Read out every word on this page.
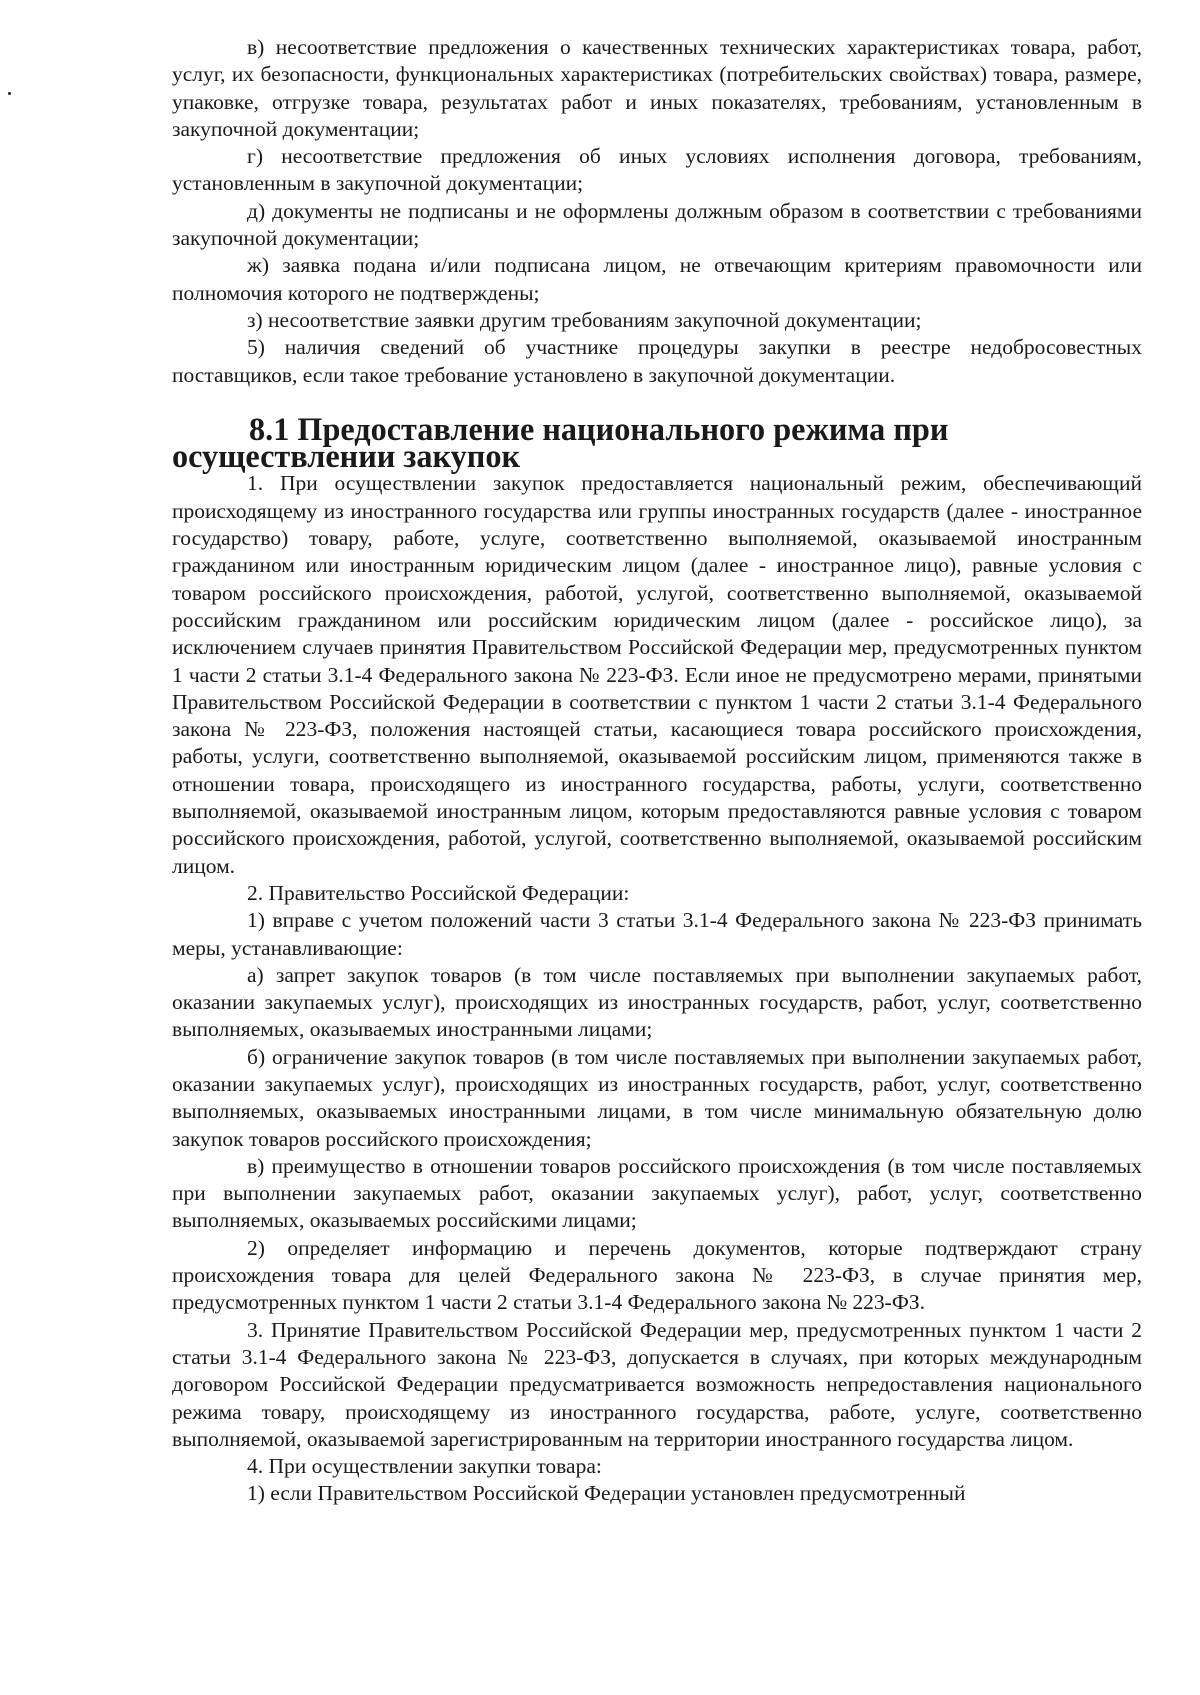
в) несоответствие предложения о качественных технических характеристиках товара, работ, услуг, их безопасности, функциональных характеристиках (потребительских свойствах) товара, размере, упаковке, отгрузке товара, результатах работ и иных показателях, требованиям, установленным в закупочной документации;

г) несоответствие предложения об иных условиях исполнения договора, требованиям, установленным в закупочной документации;

д) документы не подписаны и не оформлены должным образом в соответствии с требованиями закупочной документации;

ж) заявка подана и/или подписана лицом, не отвечающим критериям правомочности или полномочия которого не подтверждены;

з) несоответствие заявки другим требованиям закупочной документации;

5) наличия сведений об участнике процедуры закупки в реестре недобросовестных поставщиков, если такое требование установлено в закупочной документации.

8.1 Предоставление национального режима при осуществлении закупок

1. При осуществлении закупок предоставляется национальный режим, обеспечивающий происходящему из иностранного государства или группы иностранных государств (далее - иностранное государство) товару, работе, услуге, соответственно выполняемой, оказываемой иностранным гражданином или иностранным юридическим лицом (далее - иностранное лицо), равные условия с товаром российского происхождения, работой, услугой, соответственно выполняемой, оказываемой российским гражданином или российским юридическим лицом (далее - российское лицо), за исключением случаев принятия Правительством Российской Федерации мер, предусмотренных пунктом 1 части 2 статьи 3.1-4 Федерального закона № 223-ФЗ. Если иное не предусмотрено мерами, принятыми Правительством Российской Федерации в соответствии с пунктом 1 части 2 статьи 3.1-4 Федерального закона № 223-ФЗ, положения настоящей статьи, касающиеся товара российского происхождения, работы, услуги, соответственно выполняемой, оказываемой российским лицом, применяются также в отношении товара, происходящего из иностранного государства, работы, услуги, соответственно выполняемой, оказываемой иностранным лицом, которым предоставляются равные условия с товаром российского происхождения, работой, услугой, соответственно выполняемой, оказываемой российским лицом.

2. Правительство Российской Федерации:

1) вправе с учетом положений части 3 статьи 3.1-4 Федерального закона № 223-ФЗ принимать меры, устанавливающие:

а) запрет закупок товаров (в том числе поставляемых при выполнении закупаемых работ, оказании закупаемых услуг), происходящих из иностранных государств, работ, услуг, соответственно выполняемых, оказываемых иностранными лицами;

б) ограничение закупок товаров (в том числе поставляемых при выполнении закупаемых работ, оказании закупаемых услуг), происходящих из иностранных государств, работ, услуг, соответственно выполняемых, оказываемых иностранными лицами, в том числе минимальную обязательную долю закупок товаров российского происхождения;

в) преимущество в отношении товаров российского происхождения (в том числе поставляемых при выполнении закупаемых работ, оказании закупаемых услуг), работ, услуг, соответственно выполняемых, оказываемых российскими лицами;

2) определяет информацию и перечень документов, которые подтверждают страну происхождения товара для целей Федерального закона № 223-ФЗ, в случае принятия мер, предусмотренных пунктом 1 части 2 статьи 3.1-4 Федерального закона № 223-ФЗ.

3. Принятие Правительством Российской Федерации мер, предусмотренных пунктом 1 части 2 статьи 3.1-4 Федерального закона № 223-ФЗ, допускается в случаях, при которых международным договором Российской Федерации предусматривается возможность непредоставления национального режима товару, происходящему из иностранного государства, работе, услуге, соответственно выполняемой, оказываемой зарегистрированным на территории иностранного государства лицом.

4. При осуществлении закупки товара:

1) если Правительством Российской Федерации установлен предусмотренный
